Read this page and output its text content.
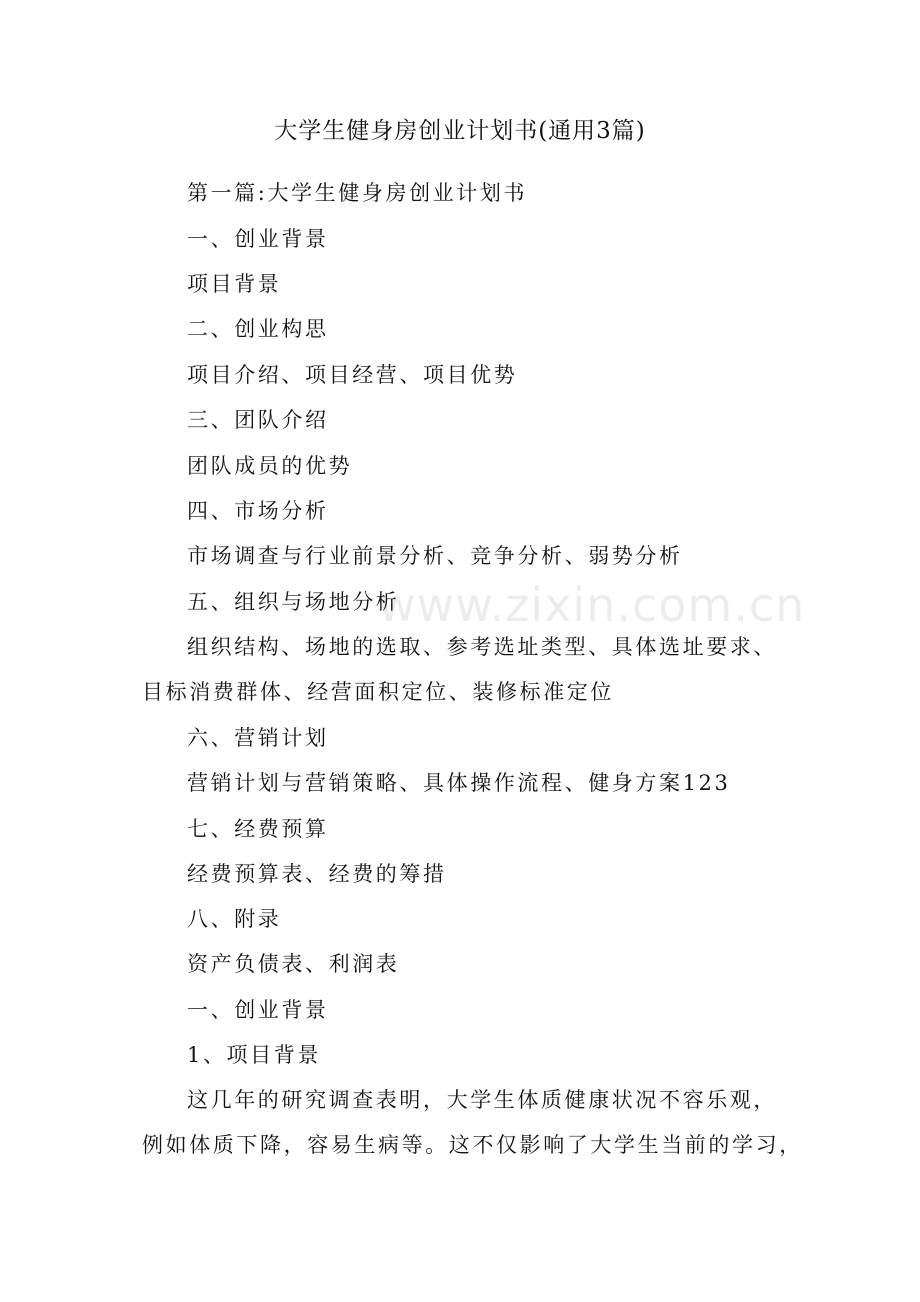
www.zixin.com.cn
大学生健身房创业计划书(通用3篇)
第一篇:大学生健身房创业计划书
一、创业背景
项目背景
二、创业构思
项目介绍、项目经营、项目优势
三、团队介绍
团队成员的优势
四、市场分析
市场调查与行业前景分析、竞争分析、弱势分析
五、组织与场地分析
组织结构、场地的选取、参考选址类型、具体选址要求、
目标消费群体、经营面积定位、装修标准定位
六、营销计划
营销计划与营销策略、具体操作流程、健身方案123
七、经费预算
经费预算表、经费的筹措
八、附录
资产负债表、利润表
一、创业背景
1、项目背景
这几年的研究调查表明，大学生体质健康状况不容乐观，
例如体质下降，容易生病等。这不仅影响了大学生当前的学习，
